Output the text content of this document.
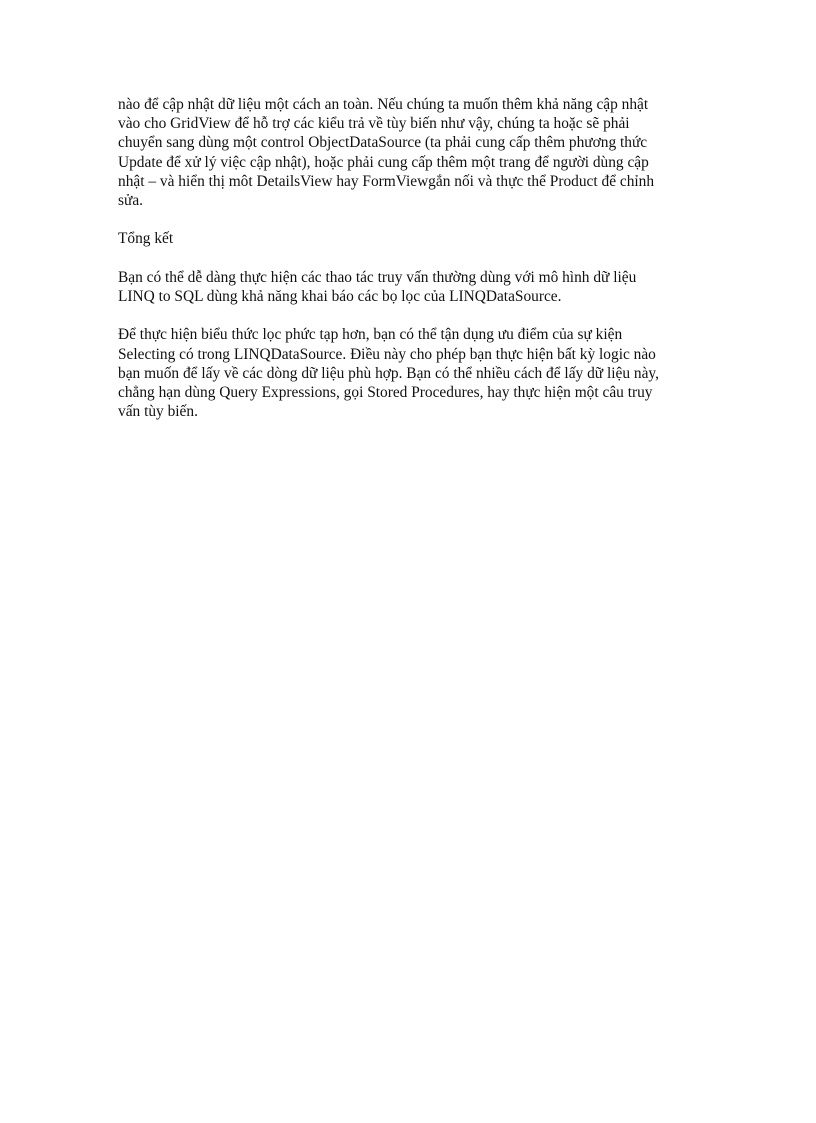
nào để cập nhật dữ liệu một cách an toàn. Nếu chúng ta muốn thêm khả năng cập nhật
vào cho GridView để hỗ trợ các kiểu trả về tùy biến như vậy, chúng ta hoặc sẽ phải
chuyển sang dùng một control ObjectDataSource (ta phải cung cấp thêm phương thức
Update để xử lý việc cập nhật), hoặc phải cung cấp thêm một trang để người dùng cập
nhật – và hiển thị môt DetailsView hay FormViewgắn nối và thực thể Product để chỉnh
sửa.

Tổng kết

Bạn có thể dễ dàng thực hiện các thao tác truy vấn thường dùng với mô hình dữ liệu
LINQ to SQL dùng khả năng khai báo các bọ lọc của LINQDataSource.

Để thực hiện biểu thức lọc phức tạp hơn, bạn có thể tận dụng ưu điểm của sự kiện
Selecting có trong LINQDataSource. Điều này cho phép bạn thực hiện bất kỳ logic nào
bạn muốn để lấy về các dòng dữ liệu phù hợp. Bạn có thể nhiều cách để lấy dữ liệu này,
chẳng hạn dùng Query Expressions, gọi Stored Procedures, hay thực hiện một câu truy
vấn tùy biến.
